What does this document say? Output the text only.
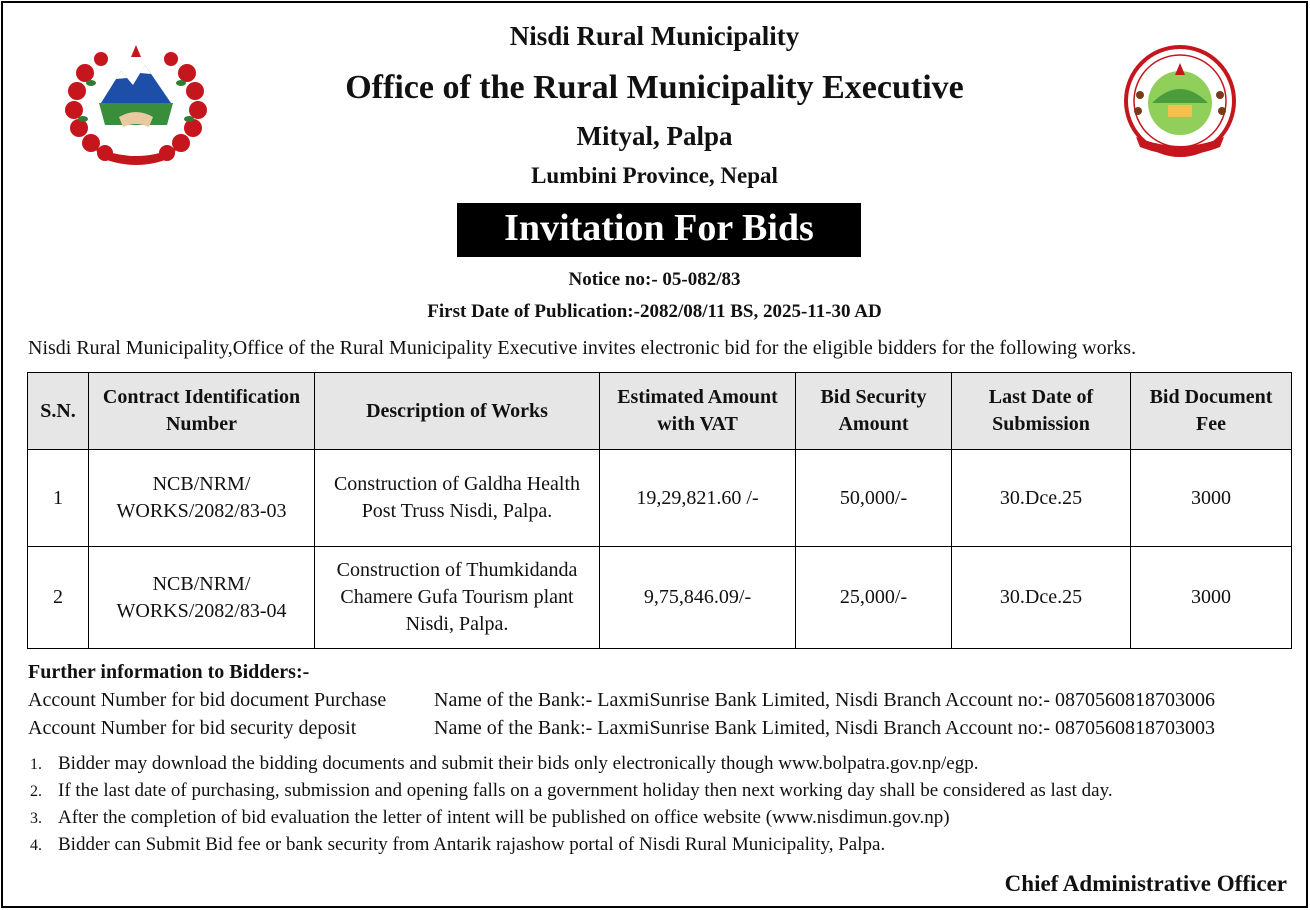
Nisdi Rural Municipality
Office of the Rural Municipality Executive
Mityal, Palpa
Lumbini Province, Nepal
Invitation For Bids
Notice no:- 05-082/83
First Date of Publication:-2082/08/11 BS, 2025-11-30 AD
Nisdi Rural Municipality,Office of the Rural Municipality Executive invites electronic bid for the eligible bidders for the following works.
S.N.	Contract Identification Number	Description of Works	Estimated Amount with VAT	Bid Security Amount	Last Date of Submission	Bid Document Fee
1	NCB/NRM/ WORKS/2082/83-03	Construction of Galdha Health Post Truss Nisdi, Palpa.	19,29,821.60 /-	50,000/-	30.Dce.25	3000
2	NCB/NRM/ WORKS/2082/83-04	Construction of Thumkidanda Chamere Gufa Tourism plant Nisdi, Palpa.	9,75,846.09/-	25,000/-	30.Dce.25	3000
Further information to Bidders:-
Account Number for bid document Purchase Name of the Bank:- LaxmiSunrise Bank Limited, Nisdi Branch Account no:- 0870560818703006
Account Number for bid security deposit	Name of the Bank:- LaxmiSunrise Bank Limited, Nisdi Branch Account no:- 0870560818703003
1. Bidder may download the bidding documents and submit their bids only electronically though www.bolpatra.gov.np/egp.
2. If the last date of purchasing, submission and opening falls on a government holiday then next working day shall be considered as last day.
3. After the completion of bid evaluation the letter of intent will be published on office website (www.nisdimun.gov.np)
4. Bidder can Submit Bid fee or bank security from Antarik rajashow portal of Nisdi Rural Municipality, Palpa.
Chief Administrative Officer
